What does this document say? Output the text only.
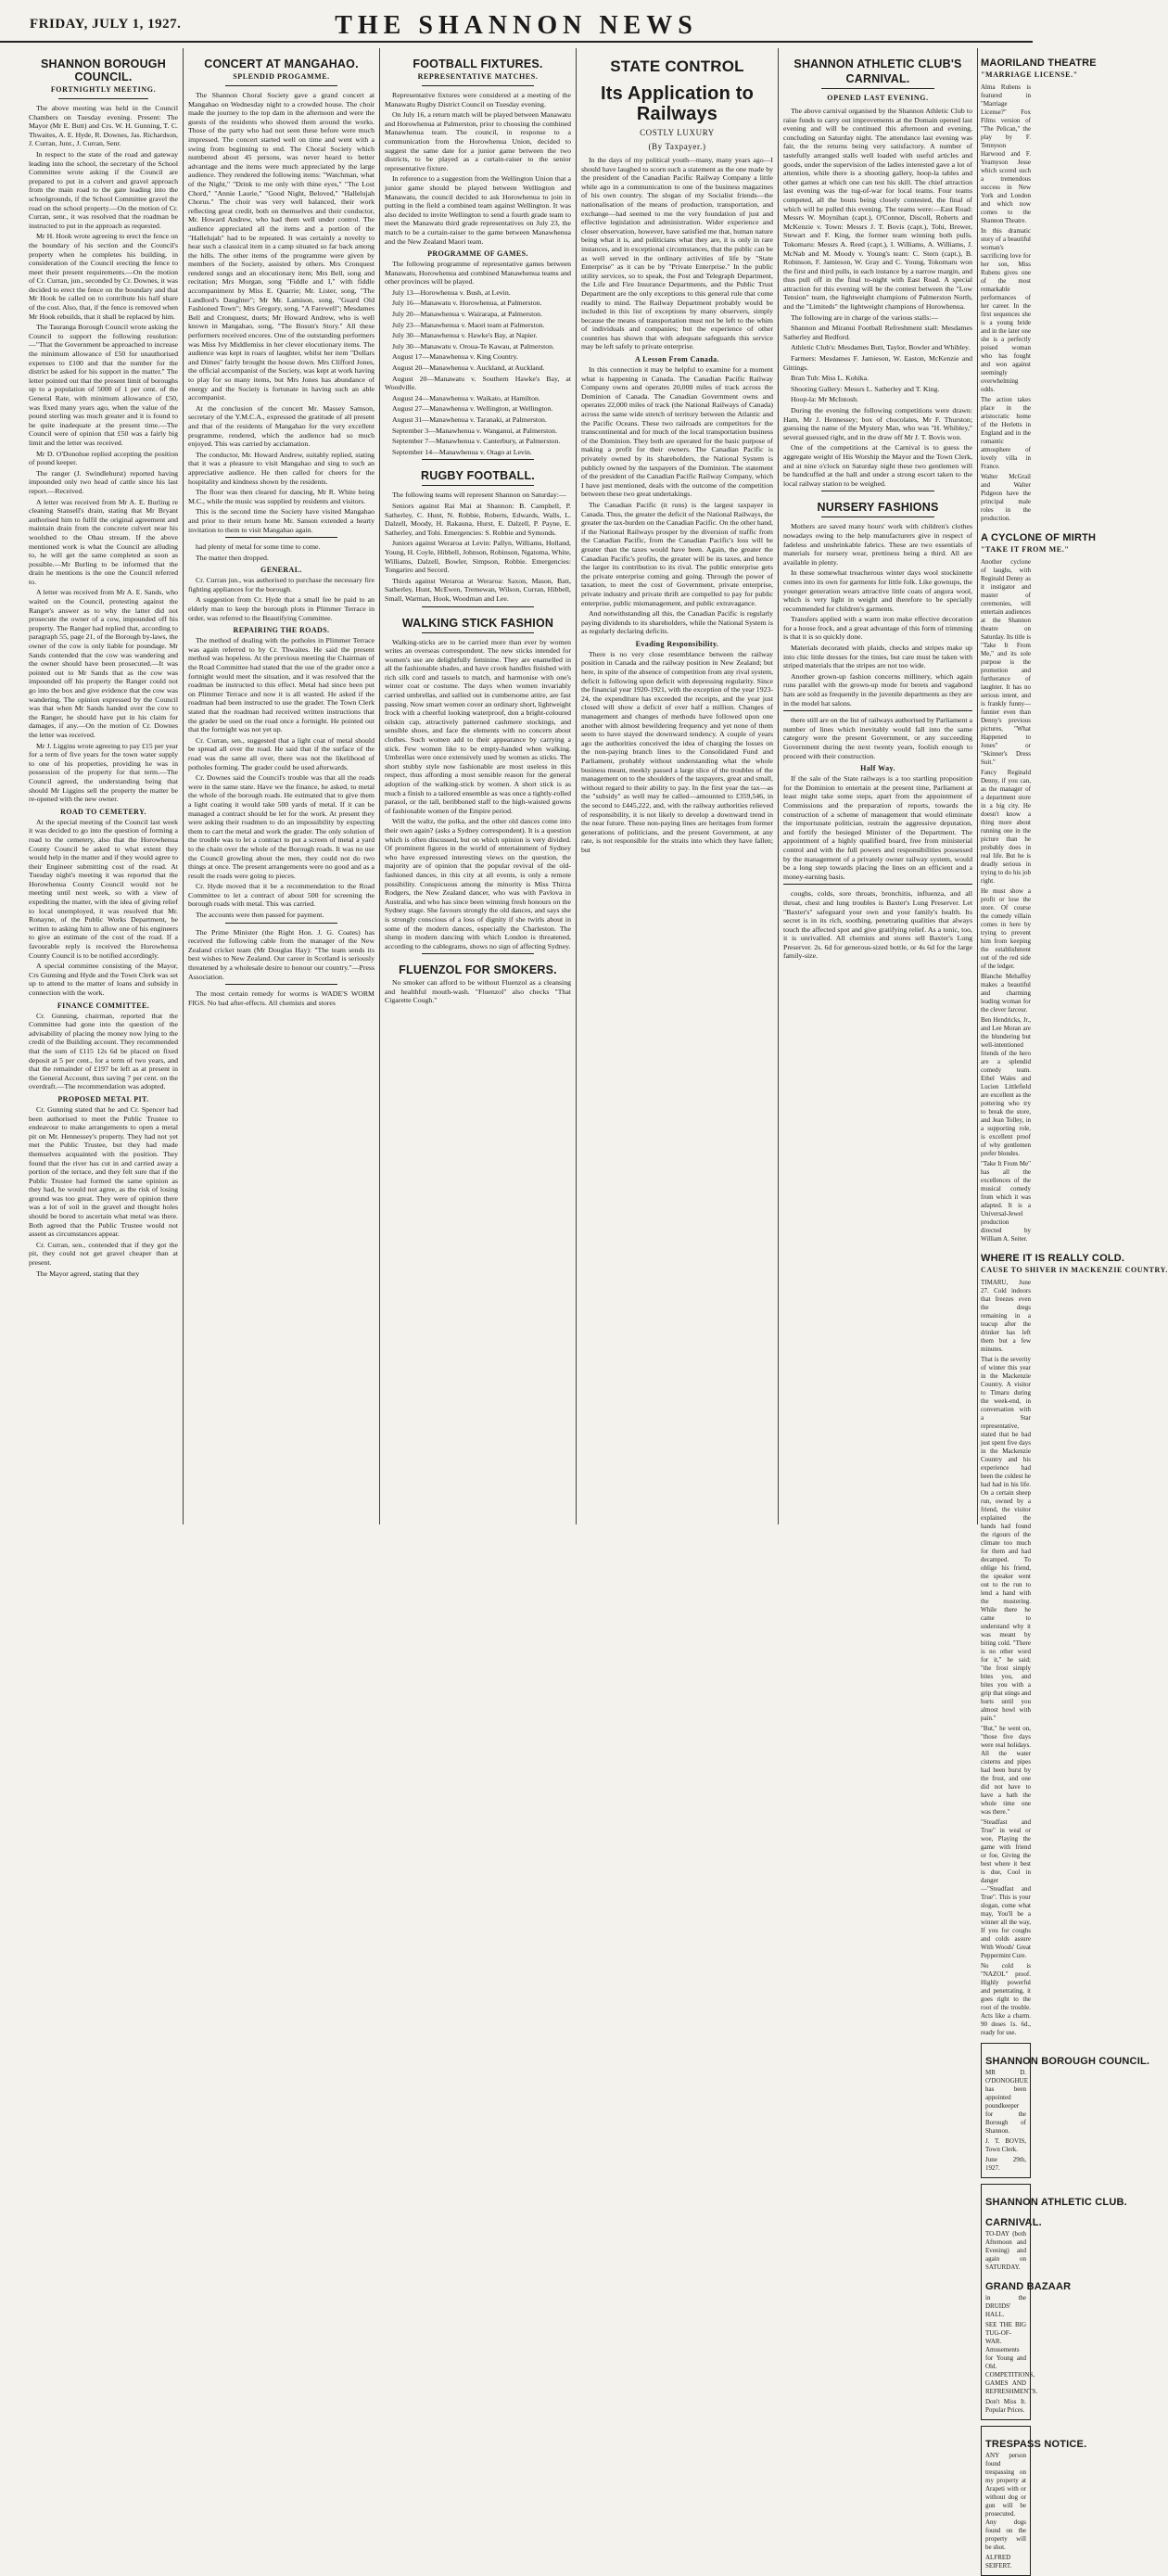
FRIDAY, JULY 1, 1927.	THE SHANNON NEWS
SHANNON BOROUGH COUNCIL.
FORTNIGHTLY MEETING.

The above meeting was held in the Council Chambers on Tuesday evening. Present: The Mayor (Mr E. Butt) and Crs. W. H. Gunning, T. C. Thwaites, A. E. Hyde, R. Downes, Jas. Richardson, J. Curran, Junr., J. Curran, Senr.

In respect to the state of the road and gateway leading into the school, the secretary of the School Committee wrote asking if the Council are prepared to put in a culvert and gravel approach from the main road to the gate leading into the schoolgrounds, if the School Committee gravel the road on the school property.—On the motion of Cr. Curran, senr., it was resolved that the roadman be instructed to put in the approach as requested.

Mr H. Hook wrote agreeing to erect the fence on the boundary of his section and the Council's property when he completes his building, in consideration of the Council erecting the fence to meet their present requirements.—On the motion of Cr. Curran, jun., seconded by Cr. Downes, it was decided to erect the fence on the boundary and that Mr Hook be called on to contribute his half share of the cost. Also, that, if the fence is removed when Mr Hook rebuilds, that it shall be replaced by him.

The Tauranga Borough Council wrote asking the Council to support the following resolution:—"That the Government be approached to increase the minimum allowance of £50 for unauthorised expenses to £100 and that the number for the district be asked for his support in the matter." The letter pointed out that the present limit of boroughs up to a population of 5000 of 1 per cent. of the General Rate, with minimum allowance of £50, was fixed many years ago, when the value of the pound sterling was much greater and it is found to be quite inadequate at the present time.—The Council were of opinion that £50 was a fairly big limit and the letter was received.

Mr D. O'Donohue replied accepting the position of pound keeper.

The ranger (J. Swindlehurst) reported having impounded only two head of cattle since his last report.—Received.

A letter was received from Mr A. E. Burling re cleaning Stansell's drain, stating that Mr Bryant authorised him to fulfil the original agreement and maintain drain from the concrete culvert near his woolshed to the Ohau stream. If the above mentioned work is what the Council are alluding to, he will get the same completed as soon as possible.—Mr Burling to be informed that the drain he mentions is the one the Council referred to.

A letter was received from Mr A. E. Sands, who waited on the Council, protesting against the Ranger's answer as to why the latter did not prosecute the owner of a cow, impounded off his property. The Ranger had replied that, according to paragraph 55, page 21, of the Borough by-laws, the owner of the cow is only liable for poundage. Mr Sands contended that the cow was wandering and the owner should have been prosecuted.—It was pointed out to Mr Sands that as the cow was impounded off his property the Ranger could not go into the box and give evidence that the cow was wandering. The opinion expressed by the Council was that when Mr Sands handed over the cow to the Ranger, he should have put in his claim for damages, if any.—On the motion of Cr. Downes the letter was received.

Mr J. Liggins wrote agreeing to pay £15 per year for a term of five years for the town water supply to one of his properties, providing he was in possession of the property for that term.—The Council agreed, the understanding being that should Mr Liggins sell the property the matter be re-opened with the new owner.

ROAD TO CEMETERY.

At the special meeting of the Council last week it was decided to go into the question of forming a road to the cemetery, also that the Horowhenua County Council be asked to what extent they would help in the matter and if they would agree to their Engineer submitting cost of the road. At Tuesday night's meeting it was reported that the Horowhenua County Council would not be meeting until next week, so with a view of expediting the matter, with the idea of giving relief to local unemployed, it was resolved that Mr. Ronayne, of the Public Works Department, be written to asking him to allow one of his engineers to give an estimate of the cost of the road. If a favourable reply is received the Horowhenua County Council is to be notified accordingly.

A special committee consisting of the Mayor, Crs Gunning and Hyde and the Town Clerk was set up to attend to the matter of loans and subsidy in connection with the work.

FINANCE COMMITTEE.

Cr. Gunning, chairman, reported that the Committee had gone into the question of the advisability of placing the money now lying to the credit of the Building account. They recommended that the sum of £115 12s 6d be placed on fixed deposit at 5 per cent., for a term of two years, and that the remainder of £197 be left as at present in the General Account, thus saving 7 per cent. on the overdraft.—The recommendation was adopted.

PROPOSED METAL PIT.

Cr. Gunning stated that he and Cr. Spencer had been authorised to meet the Public Trustee to endeavour to make arrangements to open a metal pit on Mr. Hennessey's property. They had not yet met the Public Trustee, but they had made themselves acquainted with the position. They found that the river has cut in and carried away a portion of the terrace, and they felt sure that if the Public Trustee had formed the same opinion as they had, he would not agree, as the risk of losing ground was too great. They were of opinion there was a lot of soil in the gravel and thought holes should be bored to ascertain what metal was there. Both agreed that the Public Trustee would not assent as circumstances appear.

Cr. Curran, sen., contended that if they got the pit, they could not get gravel cheaper than at present.

The Mayor agreed, stating that they

CONCERT AT MANGAHAO.
SPLENDID PROGAMME.

The Shannon Choral Society gave a grand concert at Mangahao on Wednesday night to a crowded house. The choir made the journey to the top dam in the afternoon and were the guests of the residents who showed them around the works. Those of the party who had not seen these before were much impressed. The concert started well on time and went with a swing from beginning to end. The Choral Society which numbered about 45 persons, was never heard to better advantage and the items were much appreciated by the large audience. They rendered the following items: "Watchman, what of the Night," "Drink to me only with thine eyes," "The Lost Chord," "Annie Laurie," "Good Night, Beloved," "Hallelujah Chorus." The choir was very well balanced, their work reflecting great credit, both on themselves and their conductor, Mr. Howard Andrew, who had them well under control. The audience appreciated all the items and a portion of the "Hallelujah" had to be repeated. It was certainly a novelty to hear such a classical item in a camp situated so far back among the hills. The other items of the programme were given by members of the Society, assisted by others. Mrs Cronquest rendered songs and an elocutionary item; Mrs Bell, song and recitation; Mrs Morgan, song "Fiddle and I," with fiddle accompaniment by Miss E. Quarrie; Mr. Lister, song, "The Landlord's Daughter"; Mr Mr. Lamison, song, "Guard Old Fashioned Town"; Mrs Gregory, song, "A Farewell"; Mesdames Bell and Cronquest, duets; Mr Howard Andrew, who is well known in Mangahao, song, "The Bosun's Story." All these performers received encores. One of the outstanding performers was Miss Ivy Middlemiss in her clever elocutionary items. The audience was kept in roars of laughter, whilst her item "Dollars and Dimes" fairly brought the house down. Mrs Clifford Jones, the official accompanist of the Society, was kept at work having to play for so many items, but Mrs Jones has abundance of energy and the Society is fortunate in having such an able accompanist.

At the conclusion of the concert Mr. Massey Samson, secretary of the Y.M.C.A., expressed the gratitude of all present and that of the residents of Mangahao for the very excellent programme, rendered, which the audience had so much enjoyed. This was carried by acclamation.

The conductor, Mr. Howard Andrew, suitably replied, stating that it was a pleasure to visit Mangahao and sing to such an appreciative audience. He then called for cheers for the hospitality and kindness shown by the residents.

The floor was then cleared for dancing, Mr R. White being M.C., while the music was supplied by residents and visitors.

This is the second time the Society have visited Mangahao and prior to their return home Mr. Sanson extended a hearty invitation to them to visit Mangahao again.

had plenty of metal for some time to come.

The matter then dropped.

GENERAL.

Cr. Curran jun., was authorised to purchase the necessary fire fighting appliances for the borough.

A suggestion from Cr. Hyde that a small fee be paid to an elderly man to keep the borough plots in Plimmer Terrace in order, was referred to the Beautifying Committee.

REPAIRING THE ROADS.

The method of dealing with the potholes in Plimmer Terrace was again referred to by Cr. Thwaites. He said the present method was hopeless. At the previous meeting the Chairman of the Road Committee had stated that the use of the grader once a fortnight would meet the situation, and it was resolved that the roadman be instructed to this effect. Metal had since been put on Plimmer Terrace and now it is all wasted. He asked if the roadman had been instructed to use the grader. The Town Clerk stated that the roadman had received written instructions that the grader be used on the road once a fortnight. He pointed out that the fortnight was not yet up.

Cr. Curran, sen., suggested that a light coat of metal should be spread all over the road. He said that if the surface of the road was the same all over, there was not the likelihood of potholes forming. The grader could be used afterwards.

Cr. Downes said the Council's trouble was that all the roads were in the same state. Have we the finance, he asked, to metal the whole of the borough roads. He estimated that to give them a light coating it would take 500 yards of metal. If it can be managed a contract should be let for the work. At present they were asking their roadmen to do an impossibility by expecting them to cart the metal and work the grader. The only solution of the trouble was to let a contract to put a screen of metal a yard to the chain over the whole of the Borough roads. It was no use the Council growling about the men, they could not do two things at once. The present arrangements were no good and as a result the roads were going to pieces.

Cr. Hyde moved that it be a recommendation to the Road Committee to let a contract of about 500 for screening the borough roads with metal. This was carried.

The accounts were then passed for payment.

The Prime Minister (the Right Hon. J. G. Coates) has received the following cable from the manager of the New Zealand cricket team (Mr Douglas Hay): "The team sends its best wishes to New Zealand. Our career in Scotland is seriously threatened by a wholesale desire to honour our country."—Press Association.

The most certain remedy for worms is WADE'S WORM FIGS. No bad after-effects. All chemists and stores

FOOTBALL FIXTURES.
REPRESENTATIVE MATCHES.

Representative fixtures were considered at a meeting of the Manawatu Rugby District Council on Tuesday evening.

On July 16, a return match will be played between Manawatu and Horowhenua at Palmerston, prior to choosing the combined Manawhenua team. The council, in response to a communication from the Horowhenua Union, decided to suggest the same date for a junior game between the two districts, to be played as a curtain-raiser to the senior representative fixture.

In reference to a suggestion from the Wellington Union that a junior game should be played between Wellington and Manawatu, the council decided to ask Horowhenua to join in putting in the field a combined team against Wellington. It was also decided to invite Wellington to send a fourth grade team to meet the Manawatu third grade representatives on July 23, the match to be a curtain-raiser to the game between Manawhenua and the New Zealand Maori team.

PROGRAMME OF GAMES.

The following programme of representative games between Manawatu, Horowhenua and combined Manawhenua teams and other provinces will be played.

July 13—Horowhenua v. Bush, at Levin.

July 16—Manawatu v. Horowhenua, at Palmerston.

July 20—Manawhenua v. Wairarapa, at Palmerston.

July 23—Manawhenua v. Maori team at Palmerston.

July 30—Manawhenua v. Hawke's Bay, at Napier.

July 30—Manawatu v. Oroua-Te Kawau, at Palmerston.

August 17—Manawhenua v. King Country.

August 20—Manawhenua v. Auckland, at Auckland.

August 20—Manawatu v. Southern Hawke's Bay, at Woodville.

August 24—Manawhenua v. Waikato, at Hamilton.

August 27—Manawhenua v. Wellington, at Wellington.

August 31—Manawhenua v. Taranaki, at Palmerston.

September 3—Manawhenua v. Wanganui, at Palmerston.

September 7—Manawhenua v. Canterbury, at Palmerston.

September 14—Manawhenua v. Otago at Levin.

RUGBY FOOTBALL.

The following teams will represent Shannon on Saturday:—

Seniors against Rai Mai at Shannon: B. Campbell, P. Satherley, C. Hunt, N. Robbie, Roberts, Edwards, Walls, L. Dalzell, Moody, H. Rakauna, Hurst, E. Dalzell, P. Payne, E. Satherley, and Tohi. Emergencies: S. Robbie and Symonds.

Juniors against Weraroa at Levin: Pallyn, Williams, Holland, Young, H. Coyle, Hibbell, Johnson, Robinson, Ngatoma, White, Williams, Dalzell, Bowler, Simpson, Robbie. Emergencies: Tongariro and Secord.

Thirds against Weraroa at Weraroa: Saxon, Mason, Batt, Satherley, Hunt, McEwen, Tremewan, Wilson, Curran, Hibbell, Small, Warman, Hook, Woodman and Lee.

WALKING STICK FASHION

Walking-sticks are to be carried more than ever by women writes an overseas correspondent. The new sticks intended for women's use are delightfully feminine. They are enamelled in all the fashionable shades, and have crook handles finished with rich silk cord and tassels to match, and harmonise with one's winter coat or costume. The days when women invariably carried umbrellas, and sallied out in cumbersome attire, are fast passing. Now smart women cover an ordinary short, lightweight frock with a cheerful looking waterproof, don a bright-coloured oilskin cap, attractively patterned cashmere stockings, and sensible shoes, and face the elements with no concern about clothes. Such women add to their appearance by carrying a stick. Few women like to be empty-handed when walking. Umbrellas were once extensively used by women as sticks. The short stubby style now fashionable are most useless in this respect, thus affording a most sensible reason for the general adoption of the walking-stick by women. A short stick is as much a finish to a tailored ensemble as was once a tightly-rolled parasol, or the tall, beribboned staff to the high-waisted gowns of fashionable women of the Empire period.

Will the waltz, the polka, and the other old dances come into their own again? (asks a Sydney correspondent). It is a question which is often discussed, but on which opinion is very divided. Of prominent figures in the world of entertainment of Sydney who have expressed interesting views on the question, the majority are of opinion that the popular revival of the old-fashioned dances, in this city at all events, is only a remote possibility. Conspicuous among the minority is Miss Thirza Rodgers, the New Zealand dancer, who was with Pavlova in Australia, and who has since been winning fresh honours on the Sydney stage. She favours strongly the old dances, and says she is strongly conscious of a loss of dignity if she twirls about in some of the modern dances, especially the Charleston. The slump in modern dancing with which London is threatened, according to the cablegrams, shows no sign of affecting Sydney.

FLUENZOL FOR SMOKERS.

No smoker can afford to be without Fluenzol as a cleansing and healthful mouth-wash. "Fluenzol" also checks "That Cigarette Cough."

STATE CONTROL
Its Application to Railways
COSTLY LUXURY
(By Taxpayer.)

In the days of my political youth—many, many years ago—I should have laughed to scorn such a statement as the one made by the president of the Canadian Pacific Railway Company a little while ago in a communication to one of the business magazines of his own country. The slogan of my Socialist friends—the nationalisation of the means of production, transportation, and exchange—had seemed to me the very foundation of just and effective legislation and administration. Wider experience and closer observation, however, have satisfied me that, human nature being what it is, and politicians what they are, it is only in rare instances, and in exceptional circumstances, that the public can be as well served in the ordinary activities of life by "State Enterprise" as it can be by "Private Enterprise." In the public utility services, so to speak, the Post and Telegraph Department, the Life and Fire Insurance Departments, and the Public Trust Department are the only exceptions to this general rule that come readily to mind. The Railway Department probably would be included in this list of exceptions by many observers, simply because the means of transportation must not be left to the whim of individuals and companies; but the experience of other countries has shown that with adequate safeguards this service may be left safely to private enterprise.

A Lesson From Canada.

In this connection it may be helpful to examine for a moment what is happening in Canada. The Canadian Pacific Railway Company owns and operates 20,000 miles of track across the Dominion of Canada. The Canadian Government owns and operates 22,000 miles of track (the National Railways of Canada) across the same wide stretch of territory between the Atlantic and the Pacific Oceans. These two railroads are competitors for the transcontinental and for much of the local transportation business of the Dominion. They both are operated for the basic purpose of making a profit for their owners. The Canadian Pacific is privately owned by its shareholders, the National System is publicly owned by the taxpayers of the Dominion. The statement of the president of the Canadian Pacific Railway Company, which I have just mentioned, deals with the outcome of the competition between these two great undertakings.

The Canadian Pacific (it runs) is the largest taxpayer in Canada. Thus, the greater the deficit of the National Railways, the greater the tax-burden on the Canadian Pacific. On the other hand, if the National Railways prosper by the diversion of traffic from the Canadian Pacific, from the Canadian Pacific's loss will be greater than the taxes would have been. Again, the greater the Canadian Pacific's profits, the greater will be its taxes, and hence the larger its contribution to its rival. The public enterprise gets the private enterprise coming and going. Through the power of taxation, to meet the cost of Government, private enterprise, private industry and private thrift are compelled to pay for public enterprise, public mismanagement, and public extravagance.

And notwithstanding all this, the Canadian Pacific is regularly paying dividends to its shareholders, while the National System is as regularly declaring deficits.

Evading Responsibility.

There is no very close resemblance between the railway position in Canada and the railway position in New Zealand; but here, in spite of the absence of competition from any rival system, deficit is following upon deficit with depressing regularity. Since the financial year 1920-1921, with the exception of the year 1923-24, the expenditure has exceeded the receipts, and the year just closed will show a deficit of over half a million. Changes of management and changes of methods have followed upon one another with almost bewildering frequency and yet none of them seem to have stayed the downward tendency. A couple of years ago the authorities conceived the idea of charging the losses on the non-paying branch lines to the Consolidated Fund and Parliament, probably without understanding what the whole business meant, meekly passed a large slice of the troubles of the management on to the shoulders of the taxpayers, great and small, without regard to their ability to pay. In the first year the tax—as the "subsidy" as well may be called—amounted to £359,546, in the second to £445,222, and, with the railway authorities relieved of responsibility, it is not likely to develop a downward trend in the near future. These non-paying lines are heritages from former generations of politicians, and the present Government, at any rate, is not responsible for the straits into which they have fallen; but

SHANNON ATHLETIC CLUB'S
CARNIVAL.
OPENED LAST EVENING.

The above carnival organised by the Shannon Athletic Club to raise funds to carry out improvements at the Domain opened last evening and will be continued this afternoon and evening, concluding on Saturday night. The attendance last evening was fair, the the returns being very satisfactory. A number of tastefully arranged stalls well loaded with useful articles and goods, under the supervision of the ladies interested gave a lot of attention, while there is a shooting gallery, hoop-la tables and other games at which one can test his skill. The chief attraction last evening was the tug-of-war for local teams. Four teams competed, all the bouts being closely contested, the final of which will be pulled this evening. The teams were:—East Road: Messrs W. Moynihan (capt.), O'Connor, Discoll, Roberts and McKenzie v. Town: Messrs J. T. Bovis (capt.), Tohi, Brewer, Stewart and F. King, the former team winning both pulls. Tokomaru: Messrs A. Reed (capt.), I. Williams, A. Williams, J. McNab and M. Moody v. Young's team: C. Stern (capt.), B. Robinson, F. Jamieson, W. Gray and C. Young, Tokomaru won the first and third pulls, in each instance by a narrow margin, and thus pull off in the final to-night with East Road. A special attraction for this evening will be the contest between the "Low Tension" team, the lightweight champions of Palmerston North, and the "Limiteds" the lightweight champions of Horowhenua.

The following are in charge of the various stalls:—

Shannon and Miranui Football Refreshment stall: Mesdames Satherley and Redford.

Athletic Club's: Mesdames Butt, Taylor, Bowler and Whibley.

Farmers: Mesdames F. Jamieson, W. Easton, McKenzie and Gittings.

Bran Tub: Miss L. Kohika.

Shooting Gallery: Messrs L. Satherley and T. King.

Hoop-la: Mr McIntosh.

During the evening the following competitions were drawn: Ham, Mr J. Hennessey; box of chocolates, Mr F. Thurston; guessing the name of the Mystery Man, who was "H. Whibley," several guessed right, and in the draw off Mr J. T. Bovis won.

One of the competitions at the Carnival is to guess the aggregate weight of His Worship the Mayor and the Town Clerk, and at nine o'clock on Saturday night these two gentlemen will be handcuffed at the hall and under a strong escort taken to the local railway station to be weighed.

NURSERY FASHIONS

Mothers are saved many hours' work with children's clothes nowadays owing to the help manufacturers give in respect of fadeless and unshrinkable fabrics. These are two essentials of materials for nursery wear, prettiness being a third. All are available in plenty.

In these somewhat treacherous winter days wool stockinette comes into its own for garments for little folk. Like gownups, the younger generation wears attractive little coats of angora wool, which is very light in weight and therefore to be specially recommended for children's garments.

Transfers applied with a warm iron make effective decoration for a house frock, and a great advantage of this form of trimming is that it is so quickly done.

Materials decorated with plaids, checks and stripes make up into chic little dresses for the tinies, but care must be taken with striped materials that the stripes are not too wide.

Another grown-up fashion concerns millinery, which again runs parallel with the grown-up mode for berets and vagabond hats are sold as frequently in the juvenile departments as they are in the model hat salons.

there still are on the list of railways authorised by Parliament a number of lines which inevitably would fall into the same category were the present Government, or any succeeding Government during the next twenty years, foolish enough to proceed with their construction.

Half Way.

If the sale of the State railways is a too startling proposition for the Dominion to entertain at the present time, Parliament at least might take some steps, apart from the appointment of Commissions and the preparation of reports, towards the construction of a scheme of management that would eliminate the importunate politician, restrain the aggressive deputation, and fortify the besieged Minister of the Department. The appointment of a highly qualified board, free from ministerial control and with the full powers and responsibilities possessed by the management of a privately owner railway system, would be a long step towards placing the lines on an efficient and a money-earning basis.

coughs, colds, sore throats, bronchitis, influenza, and all throat, chest and lung troubles is Baxter's Lung Preserver. Let "Baxter's" safeguard your own and your family's health. Its secret is in its rich, soothing, penetrating qualities that always touch the affected spot and give gratifying relief. As a tonic, too, it is unrivalled. All chemists and stores sell Baxter's Lung Preserver. 2s. 6d for generous-sized bottle, or 4s 6d for the large family-size.

MAORILAND THEATRE
"MARRIAGE LICENSE."

Alma Rubens is featured in "Marriage License?" Fox Films version of "The Pelican," the play by F. Tennyson Harwood and F. Yeamyson Jesse which scored such a tremendous success in New York and London and which now comes to the Shannon Theatre.

In this dramatic story of a beautiful woman's sacrificing love for her son, Miss Rubens gives one of the most remarkable performances of her career. In the first sequences she is a young bride and in the later one she is a perfectly poised woman who has fought and won against seemingly overwhelming odds.

The action takes place in the aristocratic home of the Herletts in England and in the romantic atmosphere of lovely villa in France.

Walter McGrail and Walter Pidgeon have the principal male roles in the production.

A CYCLONE OF MIRTH
"TAKE IT FROM ME."

Another cyclone of laughs, with Reginald Denny as it instigator and master of ceremonies, will entertain audiences at the Shannon theatre on Saturday. Its title is "Take It From Me," and its sole purpose is the promotion and furtherance of laughter. It has no serious intent, and is frankly funny—funnier even than Denny's previous pictures, "What Happened to Jones" or "Skinner's Dress Suit."

Fancy Reginald Denny, if you can, as the manager of a department store in a big city. He doesn't know a thing more about running one in the picture than he probably does in real life. But he is deadly serious in trying to do his job right.

He must show a profit or lose the store. Of course the comedy villain comes in here by trying to prevent him from keeping the establishment out of the red side of the ledger.

Blanche Mehaffey makes a beautiful and charming leading woman for the clever farceur.

Ben Hendricks, Jr., and Lee Moran are the blundering but well-intentioned friends of the hero are a splendid comedy team. Ethel Wales and Lucien Littlefield are excellent as the pottering who try to break the store, and Jean Tolley, in a supporting role, is excellent proof of why gentlemen prefer blondes.

"Take It From Me" has all the excellences of the musical comedy from which it was adapted. It is a Universal-Jewel production directed by William A. Seiter.

WHERE IT IS REALLY COLD.
CAUSE TO SHIVER IN MACKENZIE COUNTRY.

TIMARU, June 27. Cold indoors that freezes even the dregs remaining in a teacup after the drinker has left them but a few minutes.

That is the severity of winter this year in the Mackenzie Country. A visitor to Timaru during the week-end, in conversation with a Star representative, stated that he had just spent five days in the Mackenzie Country and his experience had been the coldest he had had in his life. On a certain sheep run, owned by a friend, the visitor explained the hands had found the rigours of the climate too much for them and had decamped. To oblige his friend, the speaker went out to the run to lend a hand with the mustering. While there he came to understand why it was meant by biting cold. "There is no other word for it," he said; "the frost simply bites you, and bites you with a grip that stings and hurts until you almost howl with pain."

"But," he went on, "those five days were real holidays. All the water cisterns and pipes had been burst by the frost, and one did not have to have a bath the whole time one was there."

"Steadfast and True" in weal or woe, Playing the game with friend or foe, Giving the best where it best is due, Cool in danger—"Steadfast and True". This is your slogan, come what may, You'll be a winner all the way, If you for coughs and colds assure With Woods' Great Peppermint Cure.

No cold is "NAZOL" proof. Highly powerful and penetrating, it goes right to the root of the trouble. Acts like a charm. 90 doses 1s. 6d., ready for use.

SHANNON BOROUGH COUNCIL.

MR D. O'DONOGHUE has been appointed poundkeeper for the Borough of Shannon.

J. T. BOVIS, Town Clerk.

June 29th, 1927.

SHANNON ATHLETIC CLUB.
CARNIVAL.

TO-DAY (both Afternoon and Evening) and again on SATURDAY.

GRAND BAZAAR

in the DRUIDS' HALL.

SEE THE BIG TUG-OF-WAR. Amusements for Young and Old. COMPETITIONS, GAMES AND REFRESHMENTS.

Don't Miss It. Popular Prices.

TRESPASS NOTICE.

ANY person found trespassing on my property at Arapeti with or without dog or gun will be prosecuted. Any dogs found on the property will be shot.

ALFRED SEIFERT.
